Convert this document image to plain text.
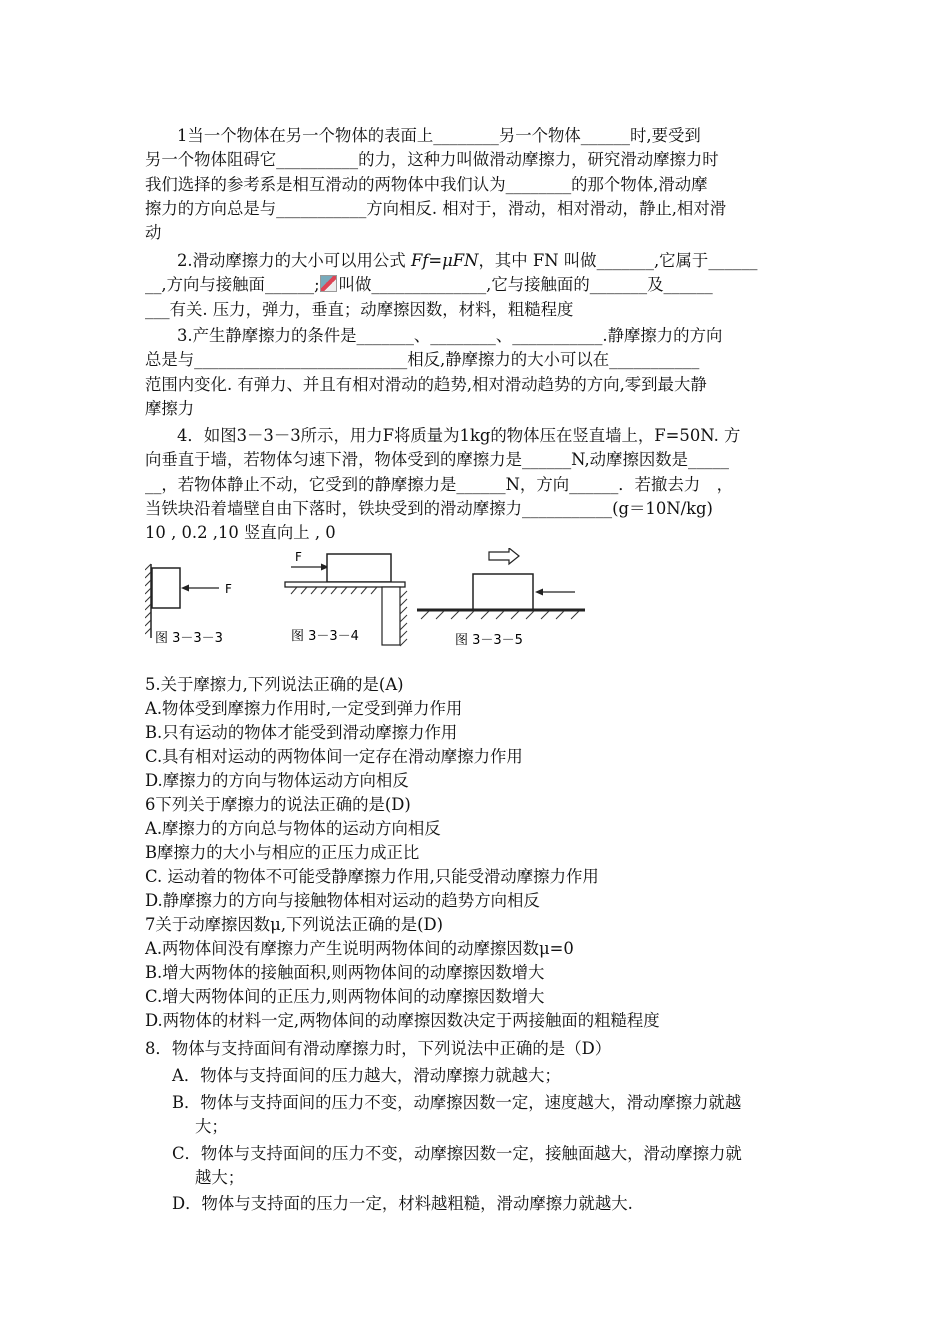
1当一个物体在另一个物体的表面上________另一个物体______时,要受到
另一个物体阻碍它__________的力，这种力叫做滑动摩擦力，研究滑动摩擦力时
我们选择的参考系是相互滑动的两物体中我们认为________的那个物体,滑动摩
擦力的方向总是与___________方向相反. 相对于，滑动，相对滑动，静止,相对滑
动
2.滑动摩擦力的大小可以用公式 Ff=μFN，其中 FN 叫做_______,它属于______
__,方向与接触面______; 叫做______________,它与接触面的_______及______
___有关. 压力，弹力，垂直；动摩擦因数，材料，粗糙程度
3.产生静摩擦力的条件是_______、________、___________.静摩擦力的方向
总是与__________________________相反,静摩擦力的大小可以在___________
范围内变化. 有弹力、并且有相对滑动的趋势,相对滑动趋势的方向,零到最大静
摩擦力
4．如图3－3－3所示，用力F将质量为1kg的物体压在竖直墙上，F=50N. 方
向垂直于墙，若物体匀速下滑，物体受到的摩擦力是______N,动摩擦因数是_____
__，若物体静止不动，它受到的静摩擦力是______N，方向______．若撤去力　，
当铁块沿着墙壁自由下落时，铁块受到的滑动摩擦力___________(g＝10N/kg)
10 , 0.2 ,10 竖直向上 , 0
F
图 3－3－3
F
图 3－3－4	图 3－3－5
5.关于摩擦力,下列说法正确的是(A)
A.物体受到摩擦力作用时,一定受到弹力作用
B.只有运动的物体才能受到滑动摩擦力作用
C.具有相对运动的两物体间一定存在滑动摩擦力作用
D.摩擦力的方向与物体运动方向相反
6下列关于摩擦力的说法正确的是(D)
A.摩擦力的方向总与物体的运动方向相反
B摩擦力的大小与相应的正压力成正比
C. 运动着的物体不可能受静摩擦力作用,只能受滑动摩擦力作用
D.静摩擦力的方向与接触物体相对运动的趋势方向相反
7关于动摩擦因数μ,下列说法正确的是(D)
A.两物体间没有摩擦力产生说明两物体间的动摩擦因数μ=0
B.增大两物体的接触面积,则两物体间的动摩擦因数增大
C.增大两物体间的正压力,则两物体间的动摩擦因数增大
D.两物体的材料一定,两物体间的动摩擦因数决定于两接触面的粗糙程度
8．物体与支持面间有滑动摩擦力时，下列说法中正确的是（D）
A．物体与支持面间的压力越大，滑动摩擦力就越大；
B．物体与支持面间的压力不变，动摩擦因数一定，速度越大，滑动摩擦力就越
大；
C．物体与支持面间的压力不变，动摩擦因数一定，接触面越大，滑动摩擦力就
越大；
D．物体与支持面的压力一定，材料越粗糙，滑动摩擦力就越大.
